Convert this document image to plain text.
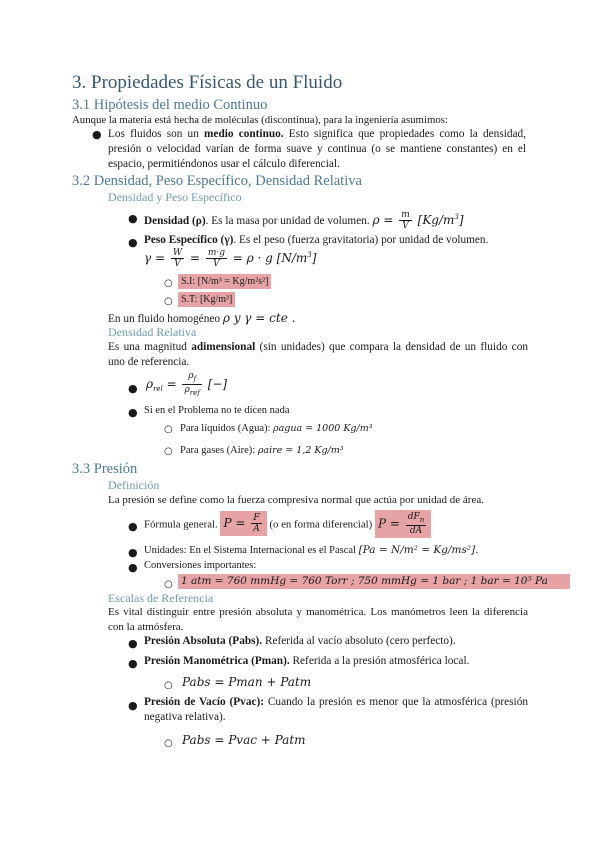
3. Propiedades Físicas de un Fluido
3.1 Hipótesis del medio Continuo
Aunque la materia está hecha de moléculas (discontinua), para la ingeniería asumimos:
● Los fluidos son un medio continuo. Esto significa que propiedades como la densidad, presión o velocidad varían de forma suave y continua (o se mantiene constantes) en el espacio, permitiéndonos usar el cálculo diferencial.
3.2 Densidad, Peso Específico, Densidad Relativa
Densidad y Peso Específico
● Densidad (ρ). Es la masa por unidad de volumen. $\rho = \frac{m}{V} [Kg/m^3]$
● Peso Específico (γ). Es el peso (fuerza gravitatoria) por unidad de volumen.
$\gamma = \frac{W}{V} = \frac{m\cdot g}{V} = \rho \cdot g$ $[N/m^3]$
○ S.I: [N/m³ = Kg/m²s²]
○ S.T: [Kg/m³]
En un fluido homogéneo ρ y γ = cte .
Densidad Relativa
Es una magnitud adimensional (sin unidades) que compara la densidad de un fluido con uno de referencia.
● $\rho_{rel} = \frac{\rho_f}{\rho_{ref}}$ [−]
● Si en el Problema no te dicen nada
○ Para líquidos (Agua): ρagua = 1000 Kg/m³
○ Para gases (Aire): ρaire = 1,2 Kg/m³
3.3 Presión
Definición
La presión se define como la fuerza compresiva normal que actúa por unidad de área.
● Fórmula general. $P = \frac{F}{A} (o$ en forma diferencial) $P = \frac{dF_n}{dA}$
● Unidades: En el Sistema Internacional es el Pascal [Pa = N/m² = Kg/ms²].
● Conversiones importantes:
○ 1 atm = 760 mmHg = 760 Torr ; 750 mmHg = 1 bar ; 1 bar = 10⁵ Pa
Escalas de Referencia
Es vital distinguir entre presión absoluta y manométrica. Los manómetros leen la diferencia con la atmósfera.
● Presión Absoluta (Pabs). Referida al vacío absoluto (cero perfecto).
● Presión Manométrica (Pman). Referida a la presión atmosférica local.
○ Pabs = Pman + Patm
● Presión de Vacío (Pvac): Cuando la presión es menor que la atmosférica (presión negativa relativa).
○ Pabs = Pvac + Patm
